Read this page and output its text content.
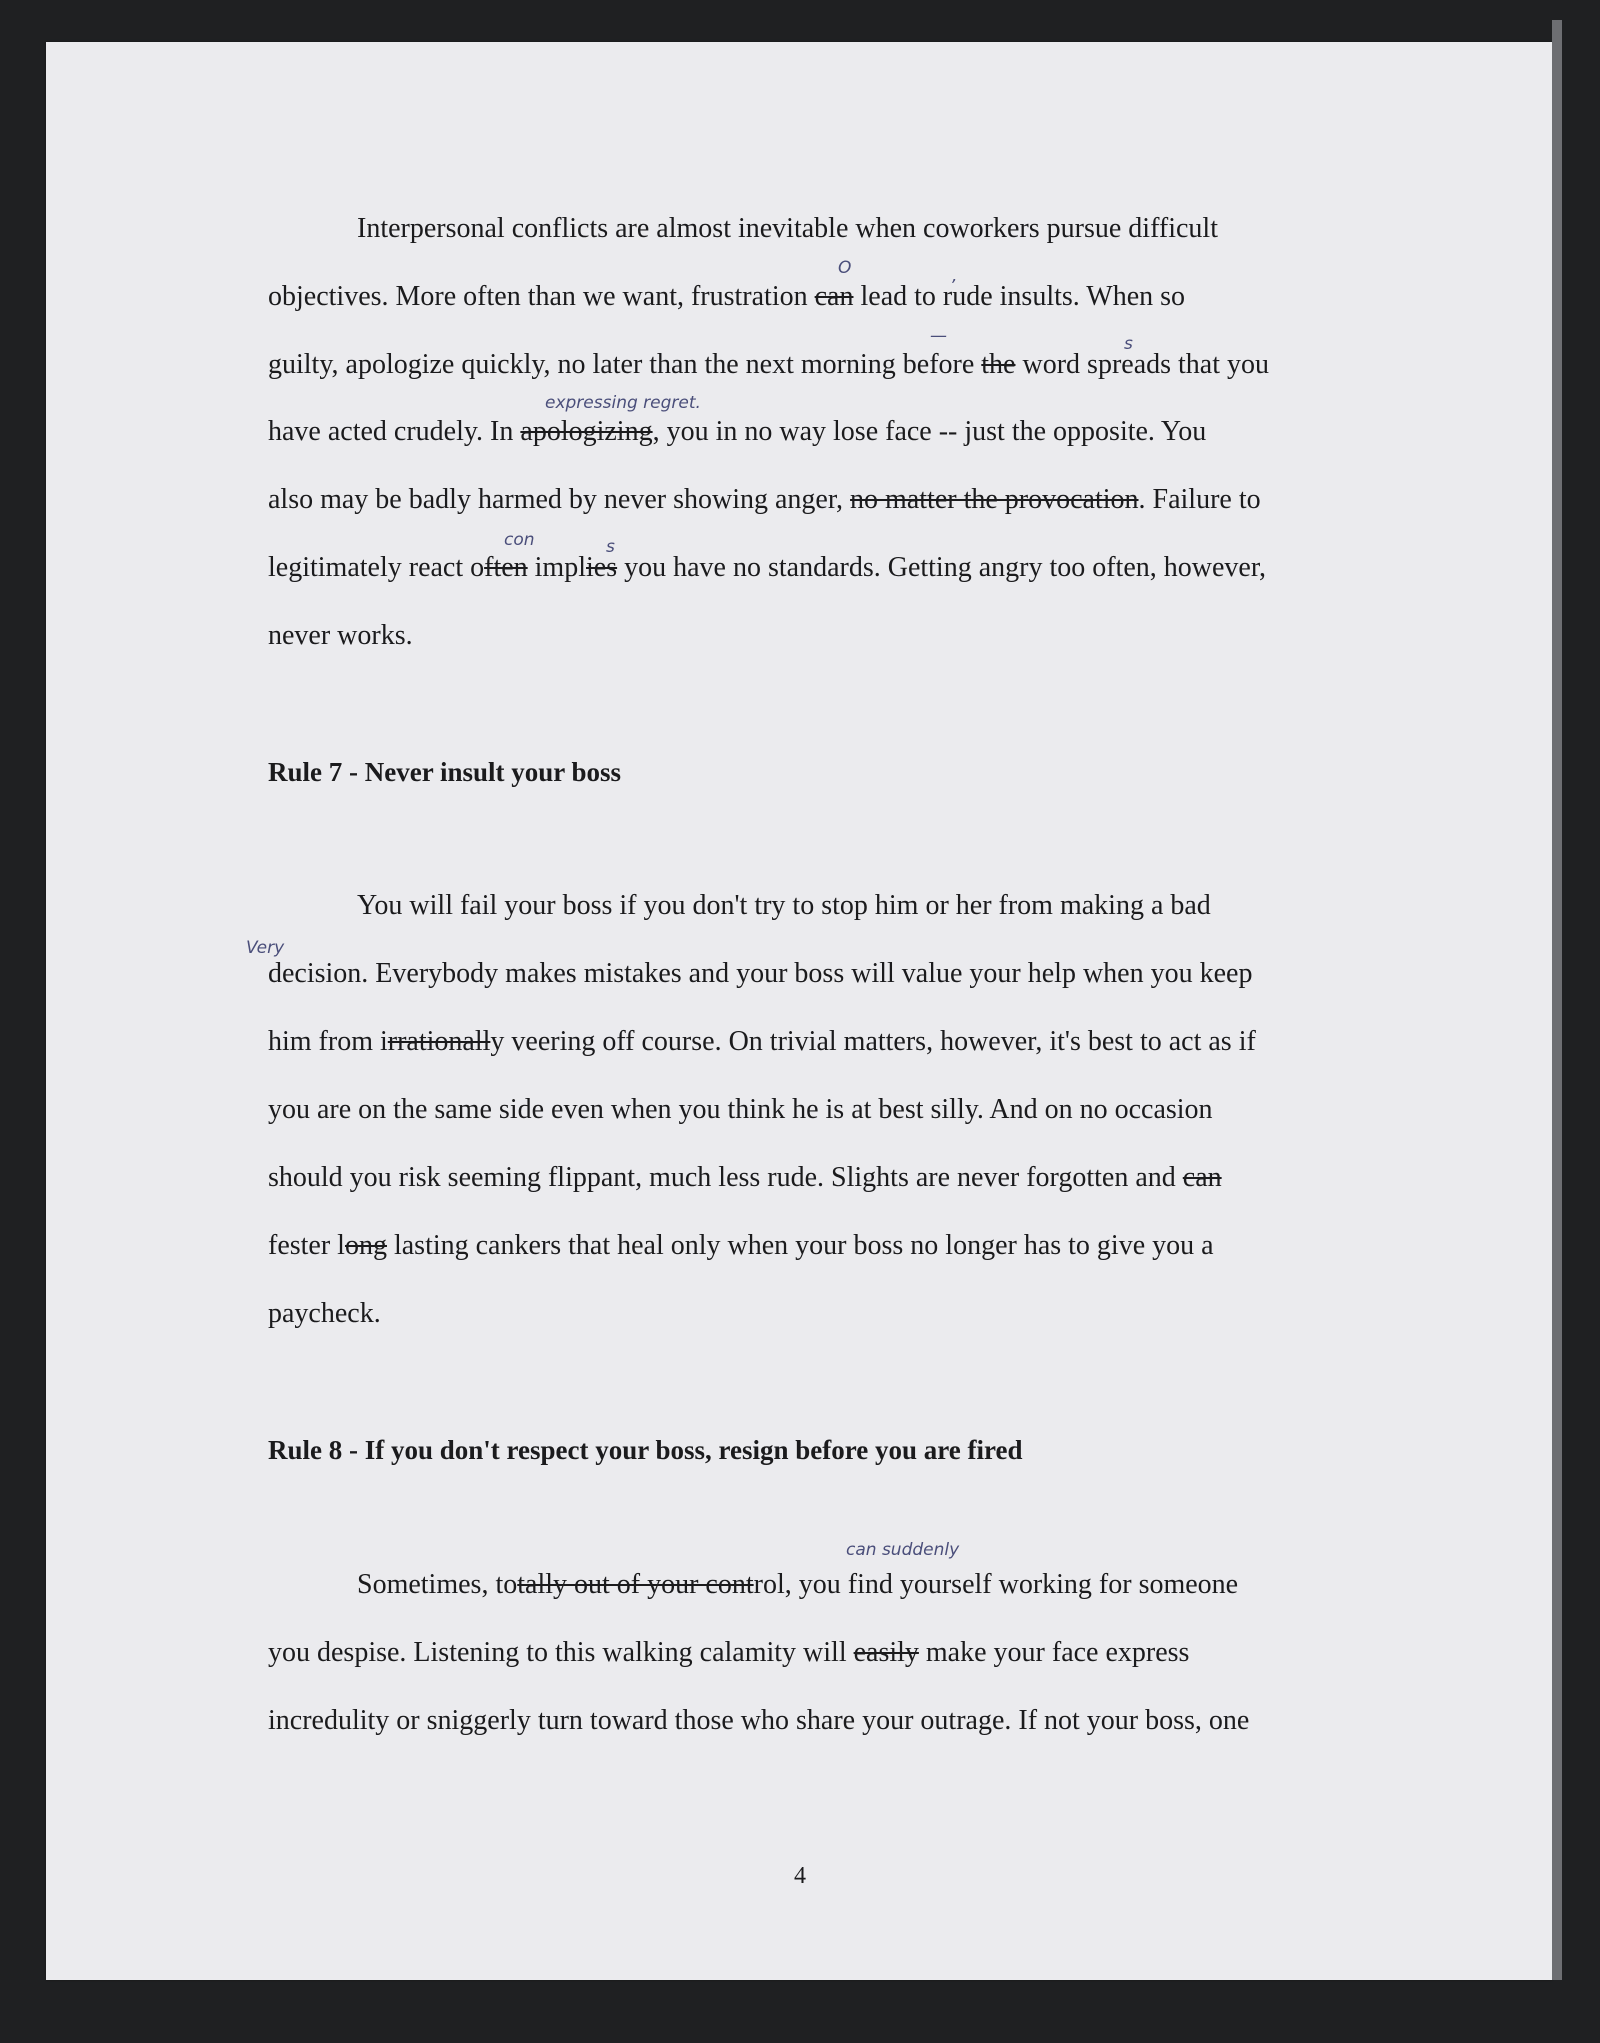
Interpersonal conflicts are almost inevitable when coworkers pursue difficult
objectives. More often than we want, frustration can lead to rude insults. When so
guilty, apologize quickly, no later than the next morning before the word spreads that you
have acted crudely. In apologizing, you in no way lose face -- just the opposite. You
also may be badly harmed by never showing anger, no matter the provocation. Failure to
legitimately react often implies you have no standards. Getting angry too often, however,
never works.
Rule 7 - Never insult your boss
You will fail your boss if you don't try to stop him or her from making a bad
decision. Everybody makes mistakes and your boss will value your help when you keep
him from irrationally veering off course. On trivial matters, however, it's best to act as if
you are on the same side even when you think he is at best silly. And on no occasion
should you risk seeming flippant, much less rude. Slights are never forgotten and can
fester long lasting cankers that heal only when your boss no longer has to give you a
paycheck.
Rule 8 - If you don't respect your boss, resign before you are fired
Sometimes, totally out of your control, you find yourself working for someone
you despise. Listening to this walking calamity will easily make your face express
incredulity or sniggerly turn toward those who share your outrage. If not your boss, one
O	,
—	s
expressing regret.
con	s
Very
can suddenly
4
